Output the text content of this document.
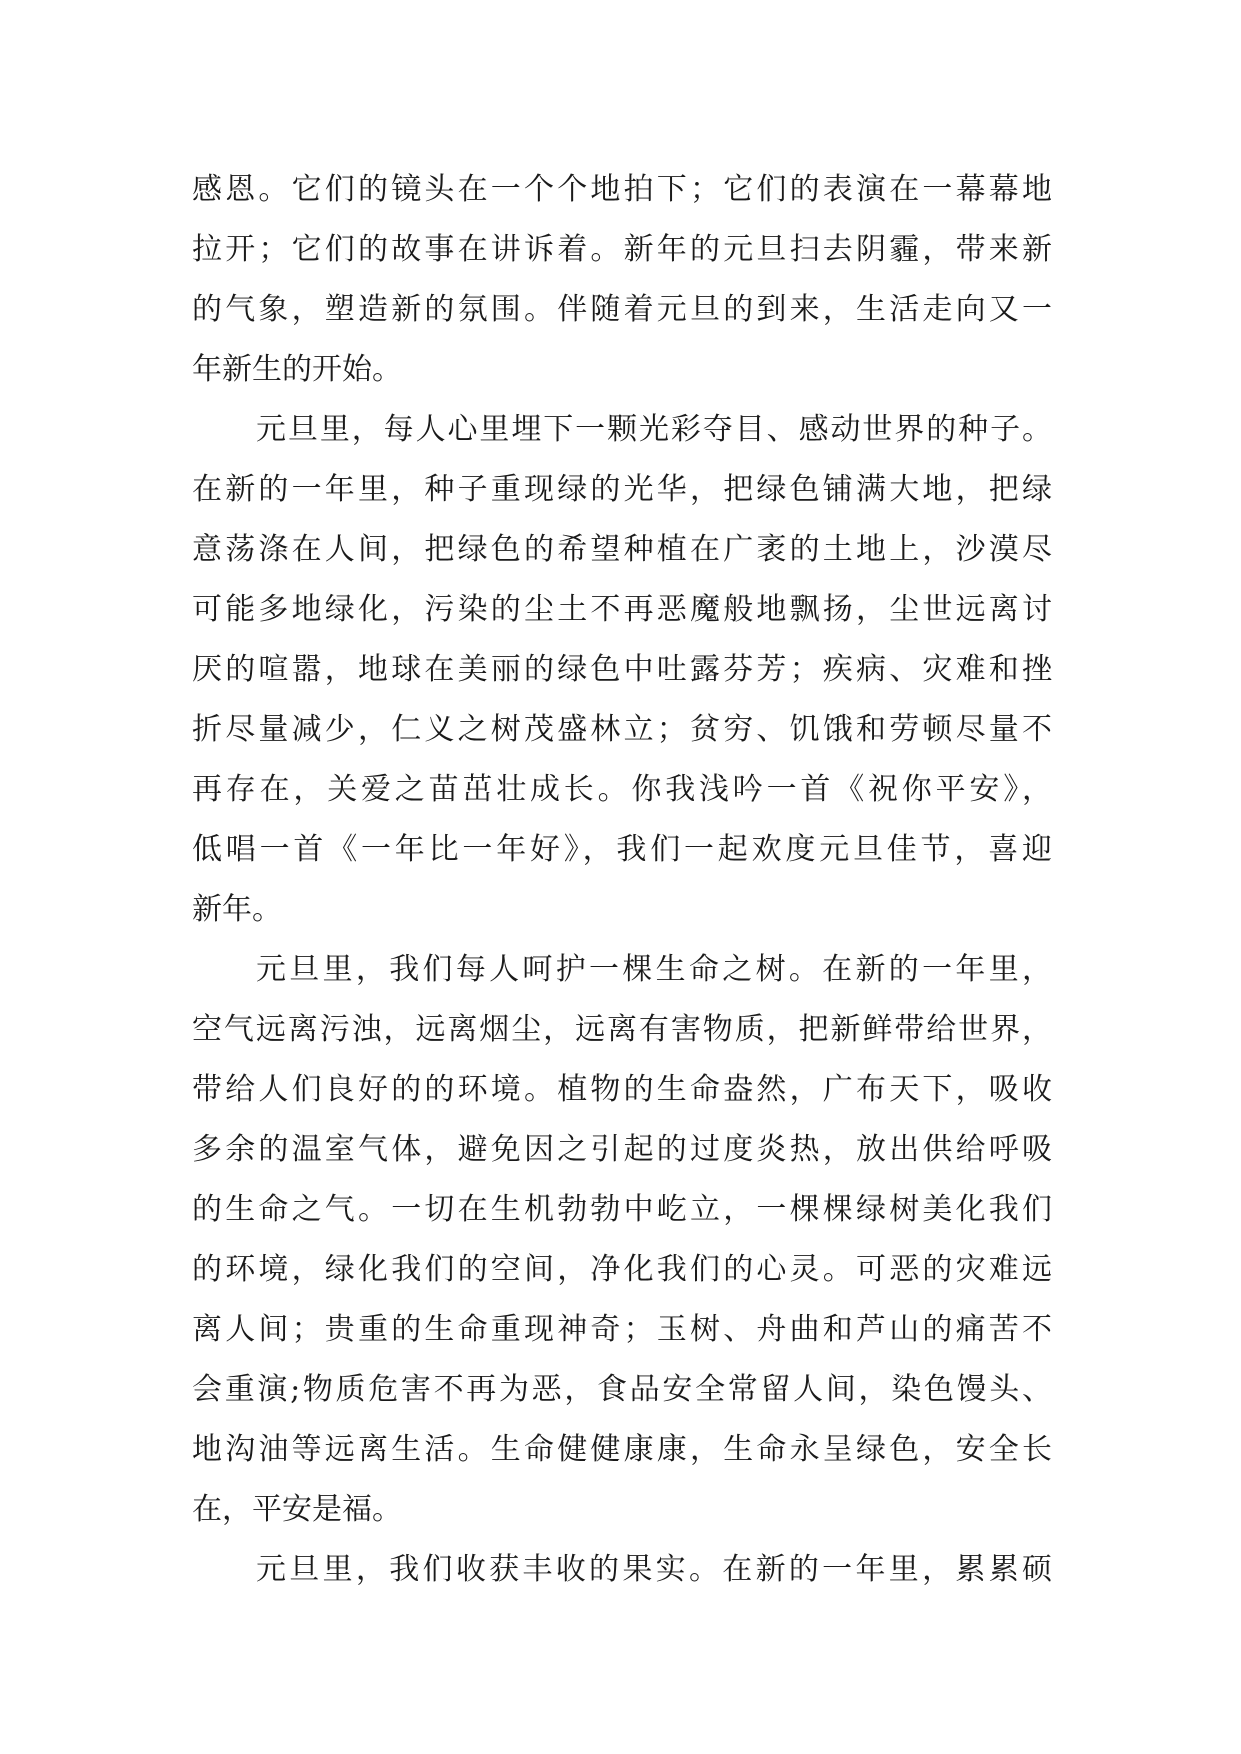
感恩。它们的镜头在一个个地拍下；它们的表演在一幕幕地
拉开；它们的故事在讲诉着。新年的元旦扫去阴霾，带来新
的气象，塑造新的氛围。伴随着元旦的到来，生活走向又一
年新生的开始。
元旦里，每人心里埋下一颗光彩夺目、感动世界的种子。
在新的一年里，种子重现绿的光华，把绿色铺满大地，把绿
意荡涤在人间，把绿色的希望种植在广袤的土地上，沙漠尽
可能多地绿化，污染的尘土不再恶魔般地飘扬，尘世远离讨
厌的喧嚣，地球在美丽的绿色中吐露芬芳；疾病、灾难和挫
折尽量减少，仁义之树茂盛林立；贫穷、饥饿和劳顿尽量不
再存在，关爱之苗茁壮成长。你我浅吟一首《祝你平安》，
低唱一首《一年比一年好》，我们一起欢度元旦佳节，喜迎
新年。
元旦里，我们每人呵护一棵生命之树。在新的一年里，
空气远离污浊，远离烟尘，远离有害物质，把新鲜带给世界，
带给人们良好的的环境。植物的生命盎然，广布天下，吸收
多余的温室气体，避免因之引起的过度炎热，放出供给呼吸
的生命之气。一切在生机勃勃中屹立，一棵棵绿树美化我们
的环境，绿化我们的空间，净化我们的心灵。可恶的灾难远
离人间；贵重的生命重现神奇；玉树、舟曲和芦山的痛苦不
会重演;物质危害不再为恶，食品安全常留人间，染色馒头、
地沟油等远离生活。生命健健康康，生命永呈绿色，安全长
在，平安是福。
元旦里，我们收获丰收的果实。在新的一年里，累累硕
